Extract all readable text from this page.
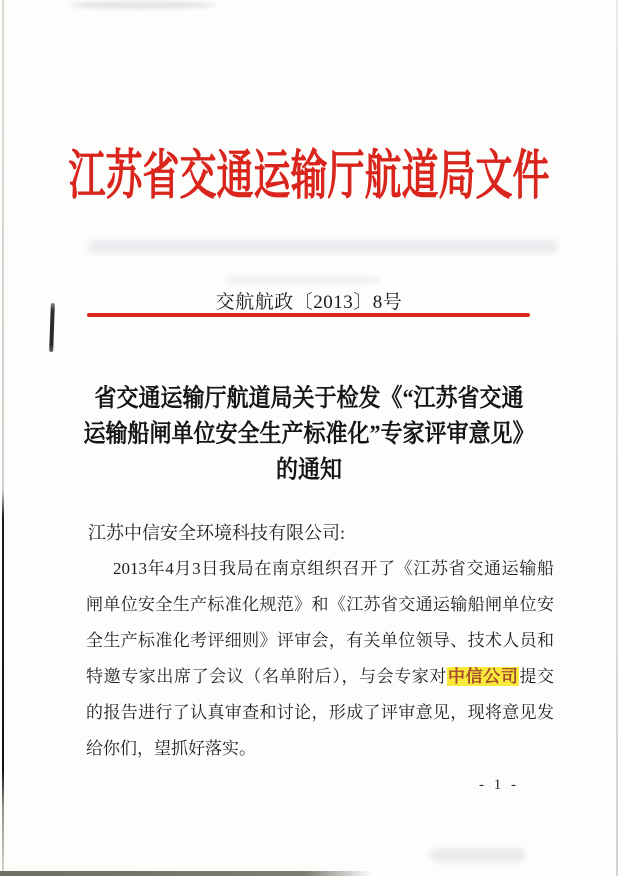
江苏省交通运输厅航道局文件
交航航政〔2013〕8号
省交通运输厅航道局关于检发《“江苏省交通
运输船闸单位安全生产标准化”专家评审意见》
的通知
江苏中信安全环境科技有限公司:

2013年4月3日我局在南京组织召开了《江苏省交通运输船闸单位安全生产标准化规范》和《江苏省交通运输船闸单位安全生产标准化考评细则》评审会，有关单位领导、技术人员和特邀专家出席了会议（名单附后），与会专家对中信公司提交的报告进行了认真审查和讨论，形成了评审意见，现将意见发给你们，望抓好落实。

- 1 -
